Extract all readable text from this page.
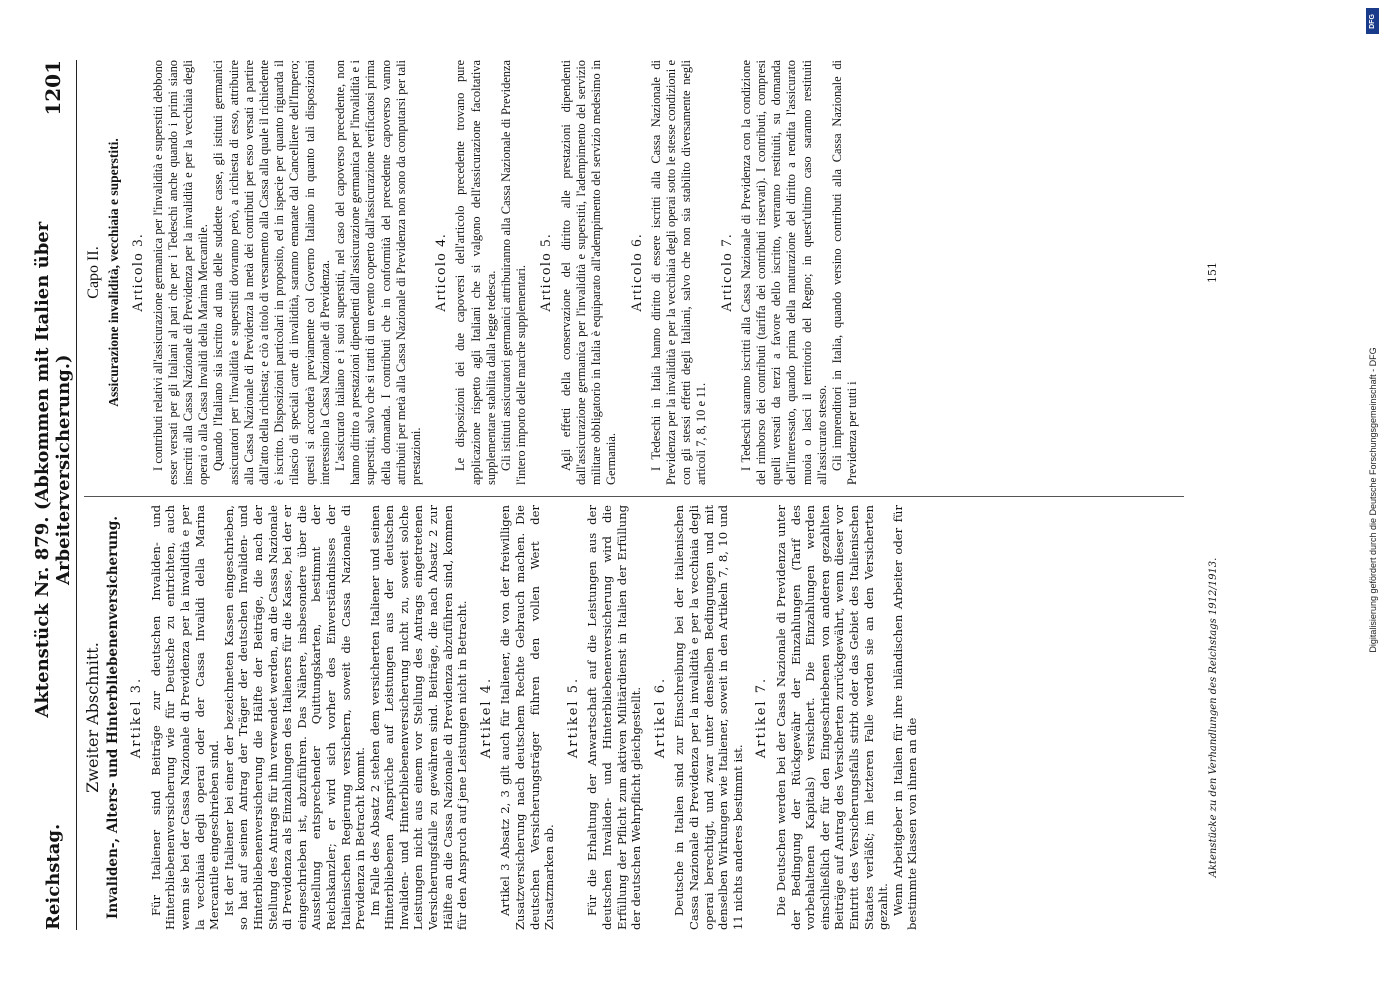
Reichstag.
Aktenstück Nr. 879. (Abkommen mit Italien über Arbeiterversicherung.)
1201
Zweiter Abschnitt. Invaliden-, Alters- und Hinterbliebenenversicherung. Artikel 3. Für Italiener sind Beiträge zur deutschen Invaliden- und Hinterbliebenenversicherung wie für Deutsche zu entrichten, auch wenn sie bei der Cassa Nazionale di Previdenza per la invalidità e per la vecchiaia degli operai oder der Cassa Invalidi della Marina Mercantile eingeschrieben sind. Ist der Italiener bei einer der bezeichneten Kassen eingeschrieben, so hat auf seinen Antrag der Träger der deutschen Invaliden- und Hinterbliebenenversicherung die Hälfte der Beiträge, die nach der Stellung des Antrags für ihn verwendet werden, an die Cassa Nazionale di Previdenza als Einzahlungen des Italieners für die Kasse, bei der er eingeschrieben ist, abzuführen. Das Nähere, insbesondere über die Ausstellung entsprechender Quittungskarten, bestimmt der Reichskanzler; er wird sich vorher des Einverständnisses der Italienischen Regierung versichern, soweit die Cassa Nazionale di Previdenza in Betracht kommt. Im Falle des Absatz 2 stehen dem versicherten Italiener und seinen Hinterbliebenen Ansprüche auf Leistungen aus der deutschen Invaliden- und Hinterbliebenenversicherung nicht zu, soweit solche Leistungen nicht aus einem vor Stellung des Antrags eingetretenen Versicherungsfalle zu gewähren sind. Beiträge, die nach Absatz 2 zur Hälfte an die Cassa Nazionale di Previdenza abzuführen sind, kommen für den Anspruch auf jene Leistungen nicht in Betracht. Artikel 4. Artikel 3 Absatz 2, 3 gilt auch für Italiener, die von der freiwilligen Zusatzversicherung nach deutschem Rechte Gebrauch machen. Die deutschen Versicherungsträger führen den vollen Wert der Zusatzmarken ab.

Artikel 5. Für die Erhaltung der Anwartschaft auf die Leistungen aus der deutschen Invaliden- und Hinterbliebenenversicherung wird die Erfüllung der Pflicht zum aktiven Militärdienst in Italien der Erfüllung der deutschen Wehrpflicht gleichgestellt. Artikel 6. Deutsche in Italien sind zur Einschreibung bei der italienischen Cassa Nazionale di Previdenza per la invalidità e per la vecchiaia degli operai berechtigt, und zwar unter denselben Bedingungen und mit denselben Wirkungen wie Italiener, soweit in den Artikeln 7, 8, 10 und 11 nichts anderes bestimmt ist.

Artikel 7. Die Deutschen werden bei der Cassa Nazionale di Previdenza unter der Bedingung der Rückgewähr der Einzahlungen (Tarif des vorbehaltenen Kapitals) versichert. Die Einzahlungen werden einschließlich der für den Eingeschriebenen von anderen gezahlten Beiträge auf Antrag des Versicherten zurückgewährt, wenn dieser vor Eintritt des Versicherungsfalls stirbt oder das Gebiet des Italienischen Staates verläßt; im letzteren Falle werden sie an den Versicherten gezahlt. Wenn Arbeitgeber in Italien für ihre inländischen Arbeiter oder für bestimmte Klassen von ihnen an die

Capo II. Assicurazione invalidità, vecchiaia e superstiti. Articolo 3. I contributi relativi all'assicurazione germanica per l'invalidità e superstiti debbono esser versati per gli Italiani al pari che per i Tedeschi anche quando i primi siano inscritti alla Cassa Nazionale di Previdenza per la invalidità e per la vecchiaia degli operai o alla Cassa Invalidi della Marina Mercantile. Quando l'Italiano sia iscritto ad una delle suddette casse, gli istituti germanici assicuratori per l'invalidità e superstiti dovranno però, a richiesta di esso, attribuire alla Cassa Nazionale di Previdenza la metà dei contributi per esso versati a partire dall'atto della richiesta; e ciò a titolo di versamento alla Cassa alla quale il richiedente è iscritto. Disposizioni particolari in proposito, ed in ispecie per quanto riguarda il rilascio di speciali carte di invalidità, saranno emanate dal Cancelliere dell'Impero; questi si accorderà previamente col Governo Italiano in quanto tali disposizioni interessino la Cassa Nazionale di Previdenza. L'assicurato italiano e i suoi superstiti, nel caso del capoverso precedente, non hanno diritto a prestazioni dipendenti dall'assicurazione germanica per l'invalidità e i superstiti, salvo che si tratti di un evento coperto dall'assicurazione verificatosi prima della domanda. I contributi che in conformità del precedente capoverso vanno attribuiti per metà alla Cassa Nazionale di Previdenza non sono da computarsi per tali prestazioni.

Articolo 4. Le disposizioni dei due capoversi dell'articolo precedente trovano pure applicazione rispetto agli Italiani che si valgono dell'assicurazione facoltativa supplementare stabilita dalla legge tedesca. Gli istituti assicuratori germanici attribuiranno alla Cassa Nazionale di Previdenza l'intero importo delle marche supplementari. Articolo 5. Agli effetti della conservazione del diritto alle prestazioni dipendenti dall'assicurazione germanica per l'invalidità e superstiti, l'adempimento del servizio militare obbligatorio in Italia è equiparato all'adempimento del servizio medesimo in Germania.

Articolo 6. I Tedeschi in Italia hanno diritto di essere iscritti alla Cassa Nazionale di Previdenza per la invalidità e per la vecchiaia degli operai sotto le stesse condizioni e con gli stessi effetti degli Italiani, salvo che non sia stabilito diversamente negli articoli 7, 8, 10 e 11.

Articolo 7. I Tedeschi saranno iscritti alla Cassa Nazionale di Previdenza con la condizione del rimborso dei contributi (tariffa dei contributi riservati). I contributi, compresi quelli versati da terzi a favore dello iscritto, verranno restituiti, su domanda dell'interessato, quando prima della maturazione del diritto a rendita l'assicurato muoia o lasci il territorio del Regno; in quest'ultimo caso saranno restituiti all'assicurato stesso. Gli imprenditori in Italia, quando versino contributi alla Cassa Nazionale di Previdenza per tutti i

Aktenstücke zu den Verhandlungen des Reichstags 1912/1913.
151
Digitalisierung gefördert durch die Deutsche Forschungsgemeinschaft - DFG
DFG
